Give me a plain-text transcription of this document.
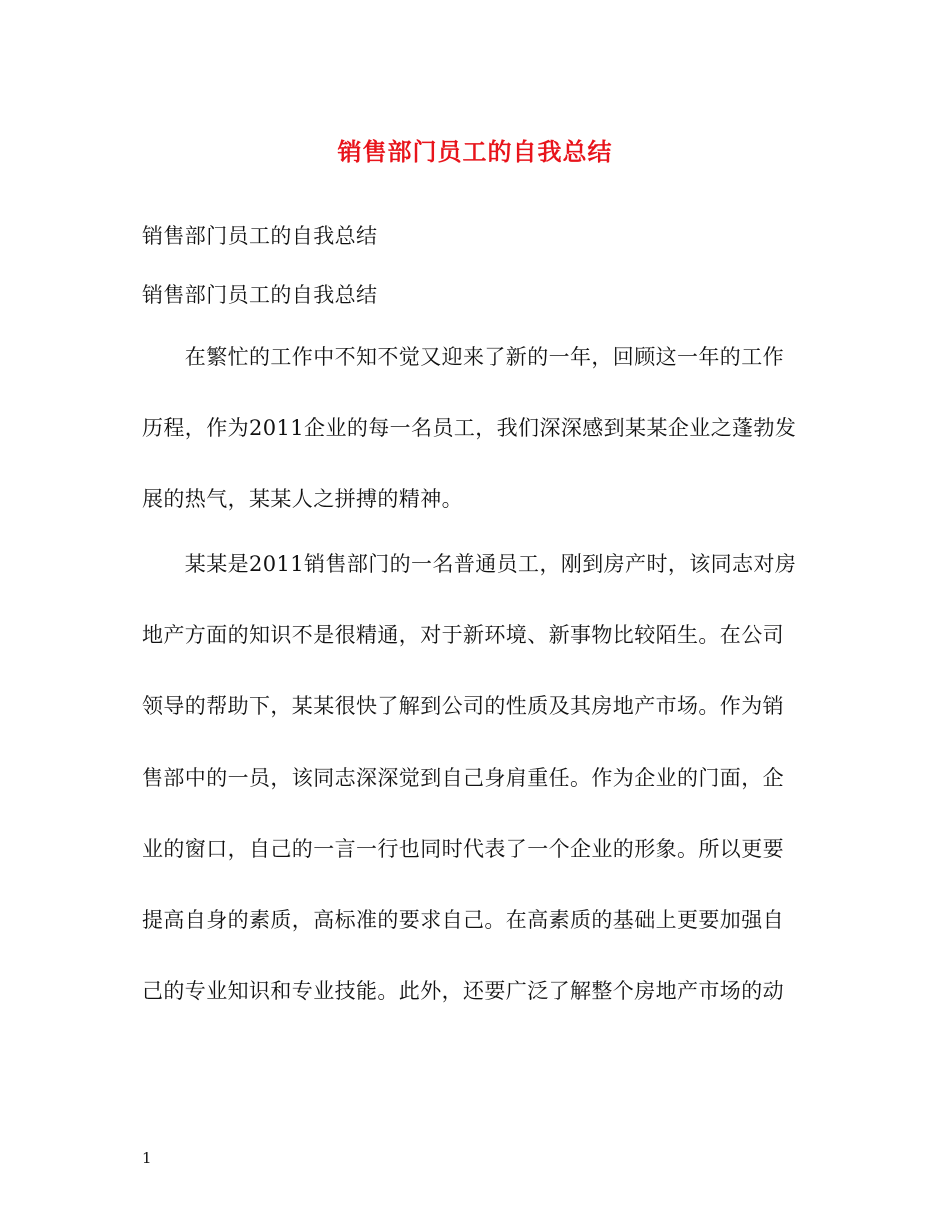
销售部门员工的自我总结
销售部门员工的自我总结
销售部门员工的自我总结
　　在繁忙的工作中不知不觉又迎来了新的一年，回顾这一年的工作
历程，作为2011企业的每一名员工，我们深深感到某某企业之蓬勃发
展的热气，某某人之拼搏的精神。
　　某某是2011销售部门的一名普通员工，刚到房产时，该同志对房
地产方面的知识不是很精通，对于新环境、新事物比较陌生。在公司
领导的帮助下，某某很快了解到公司的性质及其房地产市场。作为销
售部中的一员，该同志深深觉到自己身肩重任。作为企业的门面，企
业的窗口，自己的一言一行也同时代表了一个企业的形象。所以更要
提高自身的素质，高标准的要求自己。在高素质的基础上更要加强自
己的专业知识和专业技能。此外，还要广泛了解整个房地产市场的动
1
